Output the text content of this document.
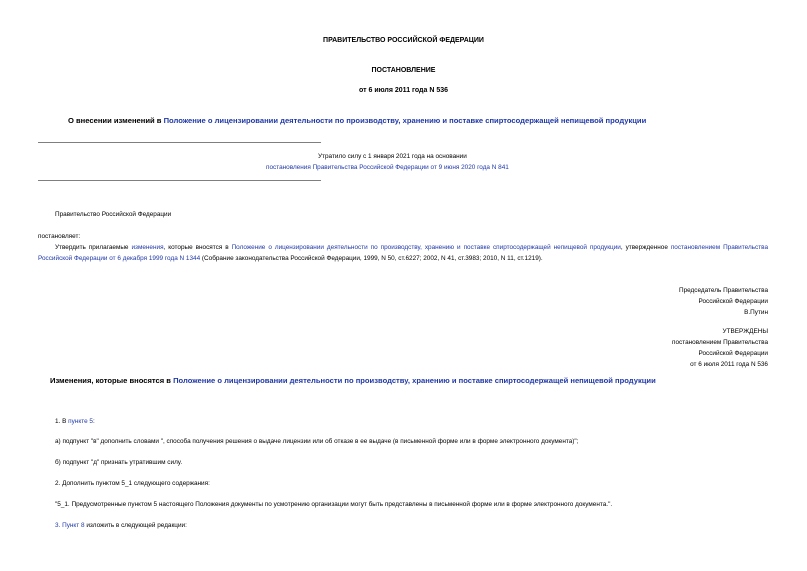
ПРАВИТЕЛЬСТВО РОССИЙСКОЙ ФЕДЕРАЦИИ
ПОСТАНОВЛЕНИЕ
от 6 июля 2011 года N 536
О внесении изменений в Положение о лицензировании деятельности по производству, хранению и поставке спиртосодержащей непищевой продукции
Утратило силу с 1 января 2021 года на основании
постановления Правительства Российской Федерации от 9 июня 2020 года N 841
Правительство Российской Федерации
постановляет:
Утвердить прилагаемые изменения, которые вносятся в Положение о лицензировании деятельности по производству, хранению и поставке спиртосодержащей непищевой продукции, утвержденное постановлением Правительства Российской Федерации от 6 декабря 1999 года N 1344 (Собрание законодательства Российской Федерации, 1999, N 50, ст.6227; 2002, N 41, ст.3983; 2010, N 11, ст.1219).
Председатель Правительства
Российской Федерации
В.Путин
УТВЕРЖДЕНЫ
постановлением Правительства
Российской Федерации
от 6 июля 2011 года N 536
Изменения, которые вносятся в Положение о лицензировании деятельности по производству, хранению и поставке спиртосодержащей непищевой продукции
1. В пункте 5:
а) подпункт "в" дополнить словами ", способа получения решения о выдаче лицензии или об отказе в ее выдаче (в письменной форме или в форме электронного документа)";
б) подпункт "д" признать утратившим силу.
2. Дополнить пунктом 5_1 следующего содержания:
"5_1. Предусмотренные пунктом 5 настоящего Положения документы по усмотрению организации могут быть представлены в письменной форме или в форме электронного документа.".
3. Пункт 8 изложить в следующей редакции:
